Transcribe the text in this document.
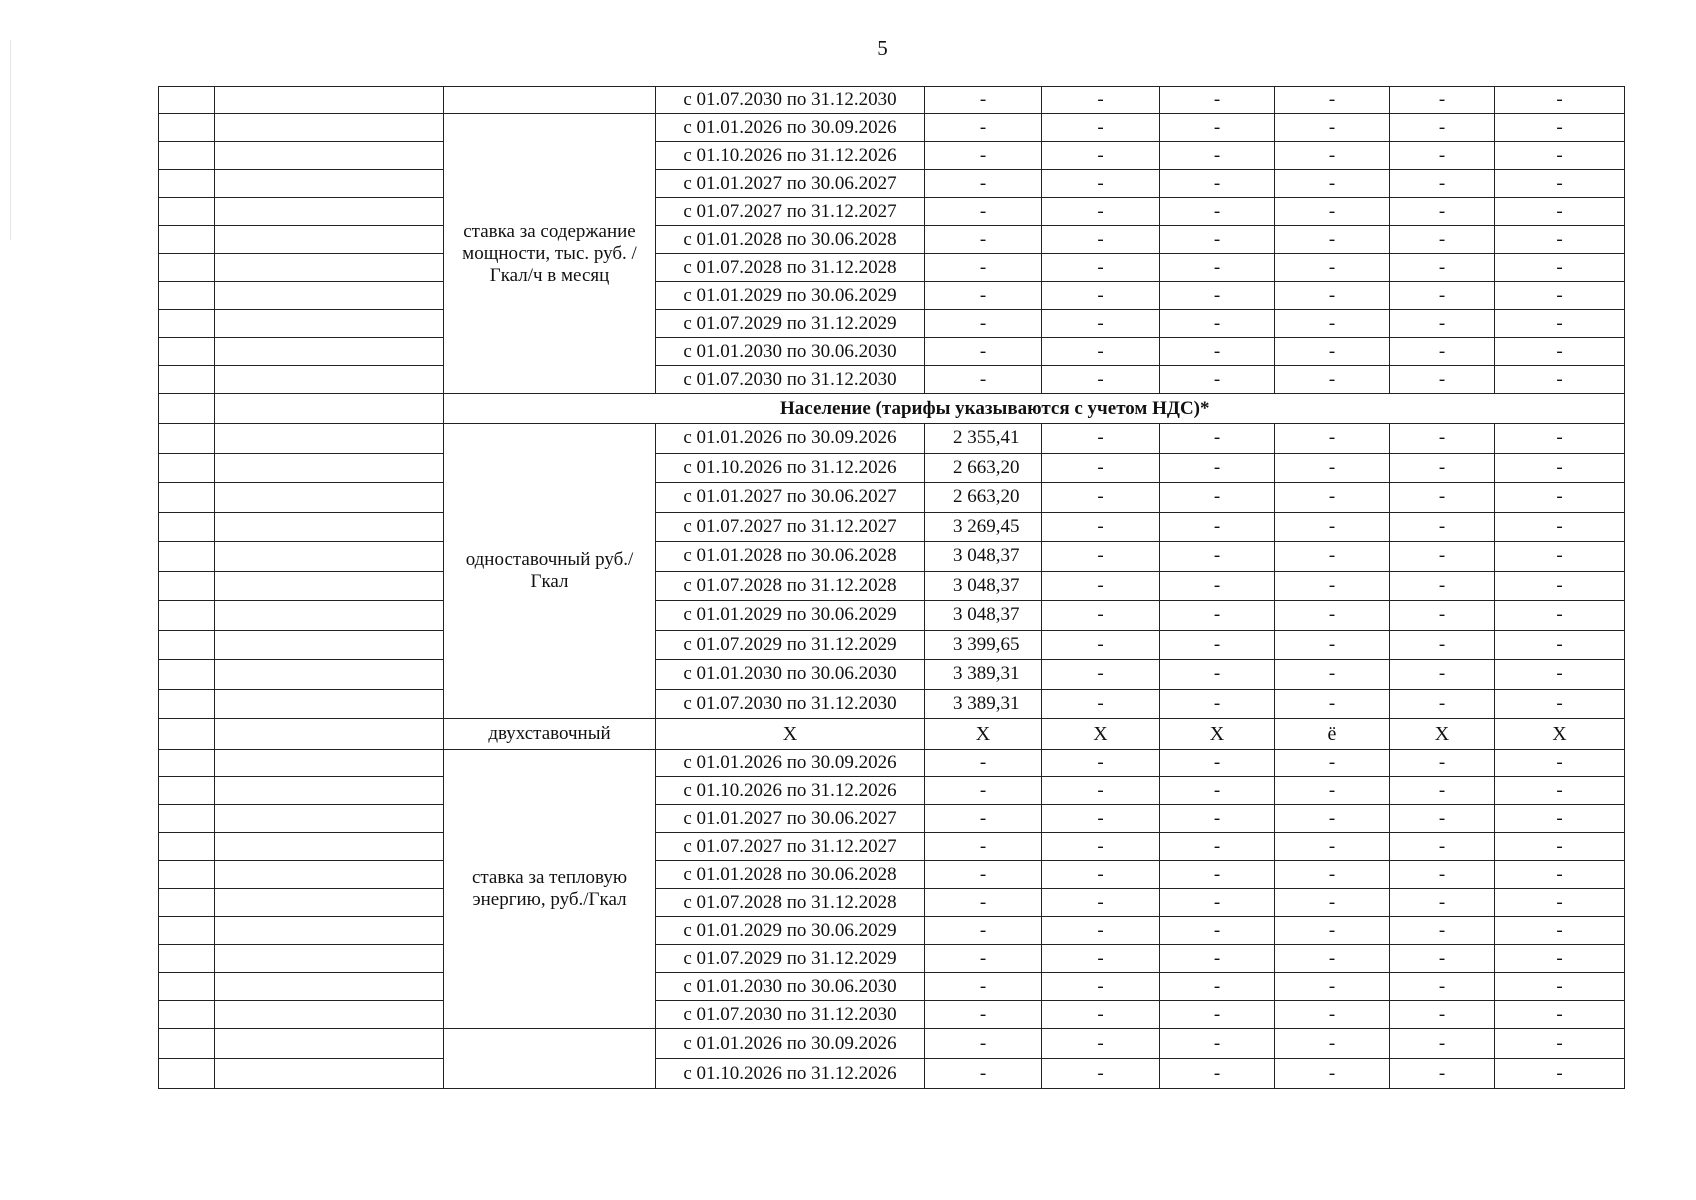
5
			с 01.07.2030 по 31.12.2030	-	-	-	-	-	-
		ставка за содержание мощности, тыс. руб. /Гкал/ч в месяц	с 01.01.2026 по 30.09.2026	-	-	-	-	-	-
			с 01.10.2026 по 31.12.2026	-	-	-	-	-	-
			с 01.01.2027 по 30.06.2027	-	-	-	-	-	-
			с 01.07.2027 по 31.12.2027	-	-	-	-	-	-
			с 01.01.2028 по 30.06.2028	-	-	-	-	-	-
			с 01.07.2028 по 31.12.2028	-	-	-	-	-	-
			с 01.01.2029 по 30.06.2029	-	-	-	-	-	-
			с 01.07.2029 по 31.12.2029	-	-	-	-	-	-
			с 01.01.2030 по 30.06.2030	-	-	-	-	-	-
			с 01.07.2030 по 31.12.2030	-	-	-	-	-	-
		Население (тарифы указываются с учетом НДС)*							
		одноставочный руб./Гкал	с 01.01.2026 по 30.09.2026	2 355,41	-	-	-	-	-
			с 01.10.2026 по 31.12.2026	2 663,20	-	-	-	-	-
			с 01.01.2027 по 30.06.2027	2 663,20	-	-	-	-	-
			с 01.07.2027 по 31.12.2027	3 269,45	-	-	-	-	-
			с 01.01.2028 по 30.06.2028	3 048,37	-	-	-	-	-
			с 01.07.2028 по 31.12.2028	3 048,37	-	-	-	-	-
			с 01.01.2029 по 30.06.2029	3 048,37	-	-	-	-	-
			с 01.07.2029 по 31.12.2029	3 399,65	-	-	-	-	-
			с 01.01.2030 по 30.06.2030	3 389,31	-	-	-	-	-
			с 01.07.2030 по 31.12.2030	3 389,31	-	-	-	-	-
		двухставочный	Х	Х	Х	Х	ё	Х	Х
		ставка за тепловую энергию, руб./Гкал	с 01.01.2026 по 30.09.2026	-	-	-	-	-	-
			с 01.10.2026 по 31.12.2026	-	-	-	-	-	-
			с 01.01.2027 по 30.06.2027	-	-	-	-	-	-
			с 01.07.2027 по 31.12.2027	-	-	-	-	-	-
			с 01.01.2028 по 30.06.2028	-	-	-	-	-	-
			с 01.07.2028 по 31.12.2028	-	-	-	-	-	-
			с 01.01.2029 по 30.06.2029	-	-	-	-	-	-
			с 01.07.2029 по 31.12.2029	-	-	-	-	-	-
			с 01.01.2030 по 30.06.2030	-	-	-	-	-	-
			с 01.07.2030 по 31.12.2030	-	-	-	-	-	-
			с 01.01.2026 по 30.09.2026	-	-	-	-	-	-
			с 01.10.2026 по 31.12.2026	-	-	-	-	-	-
